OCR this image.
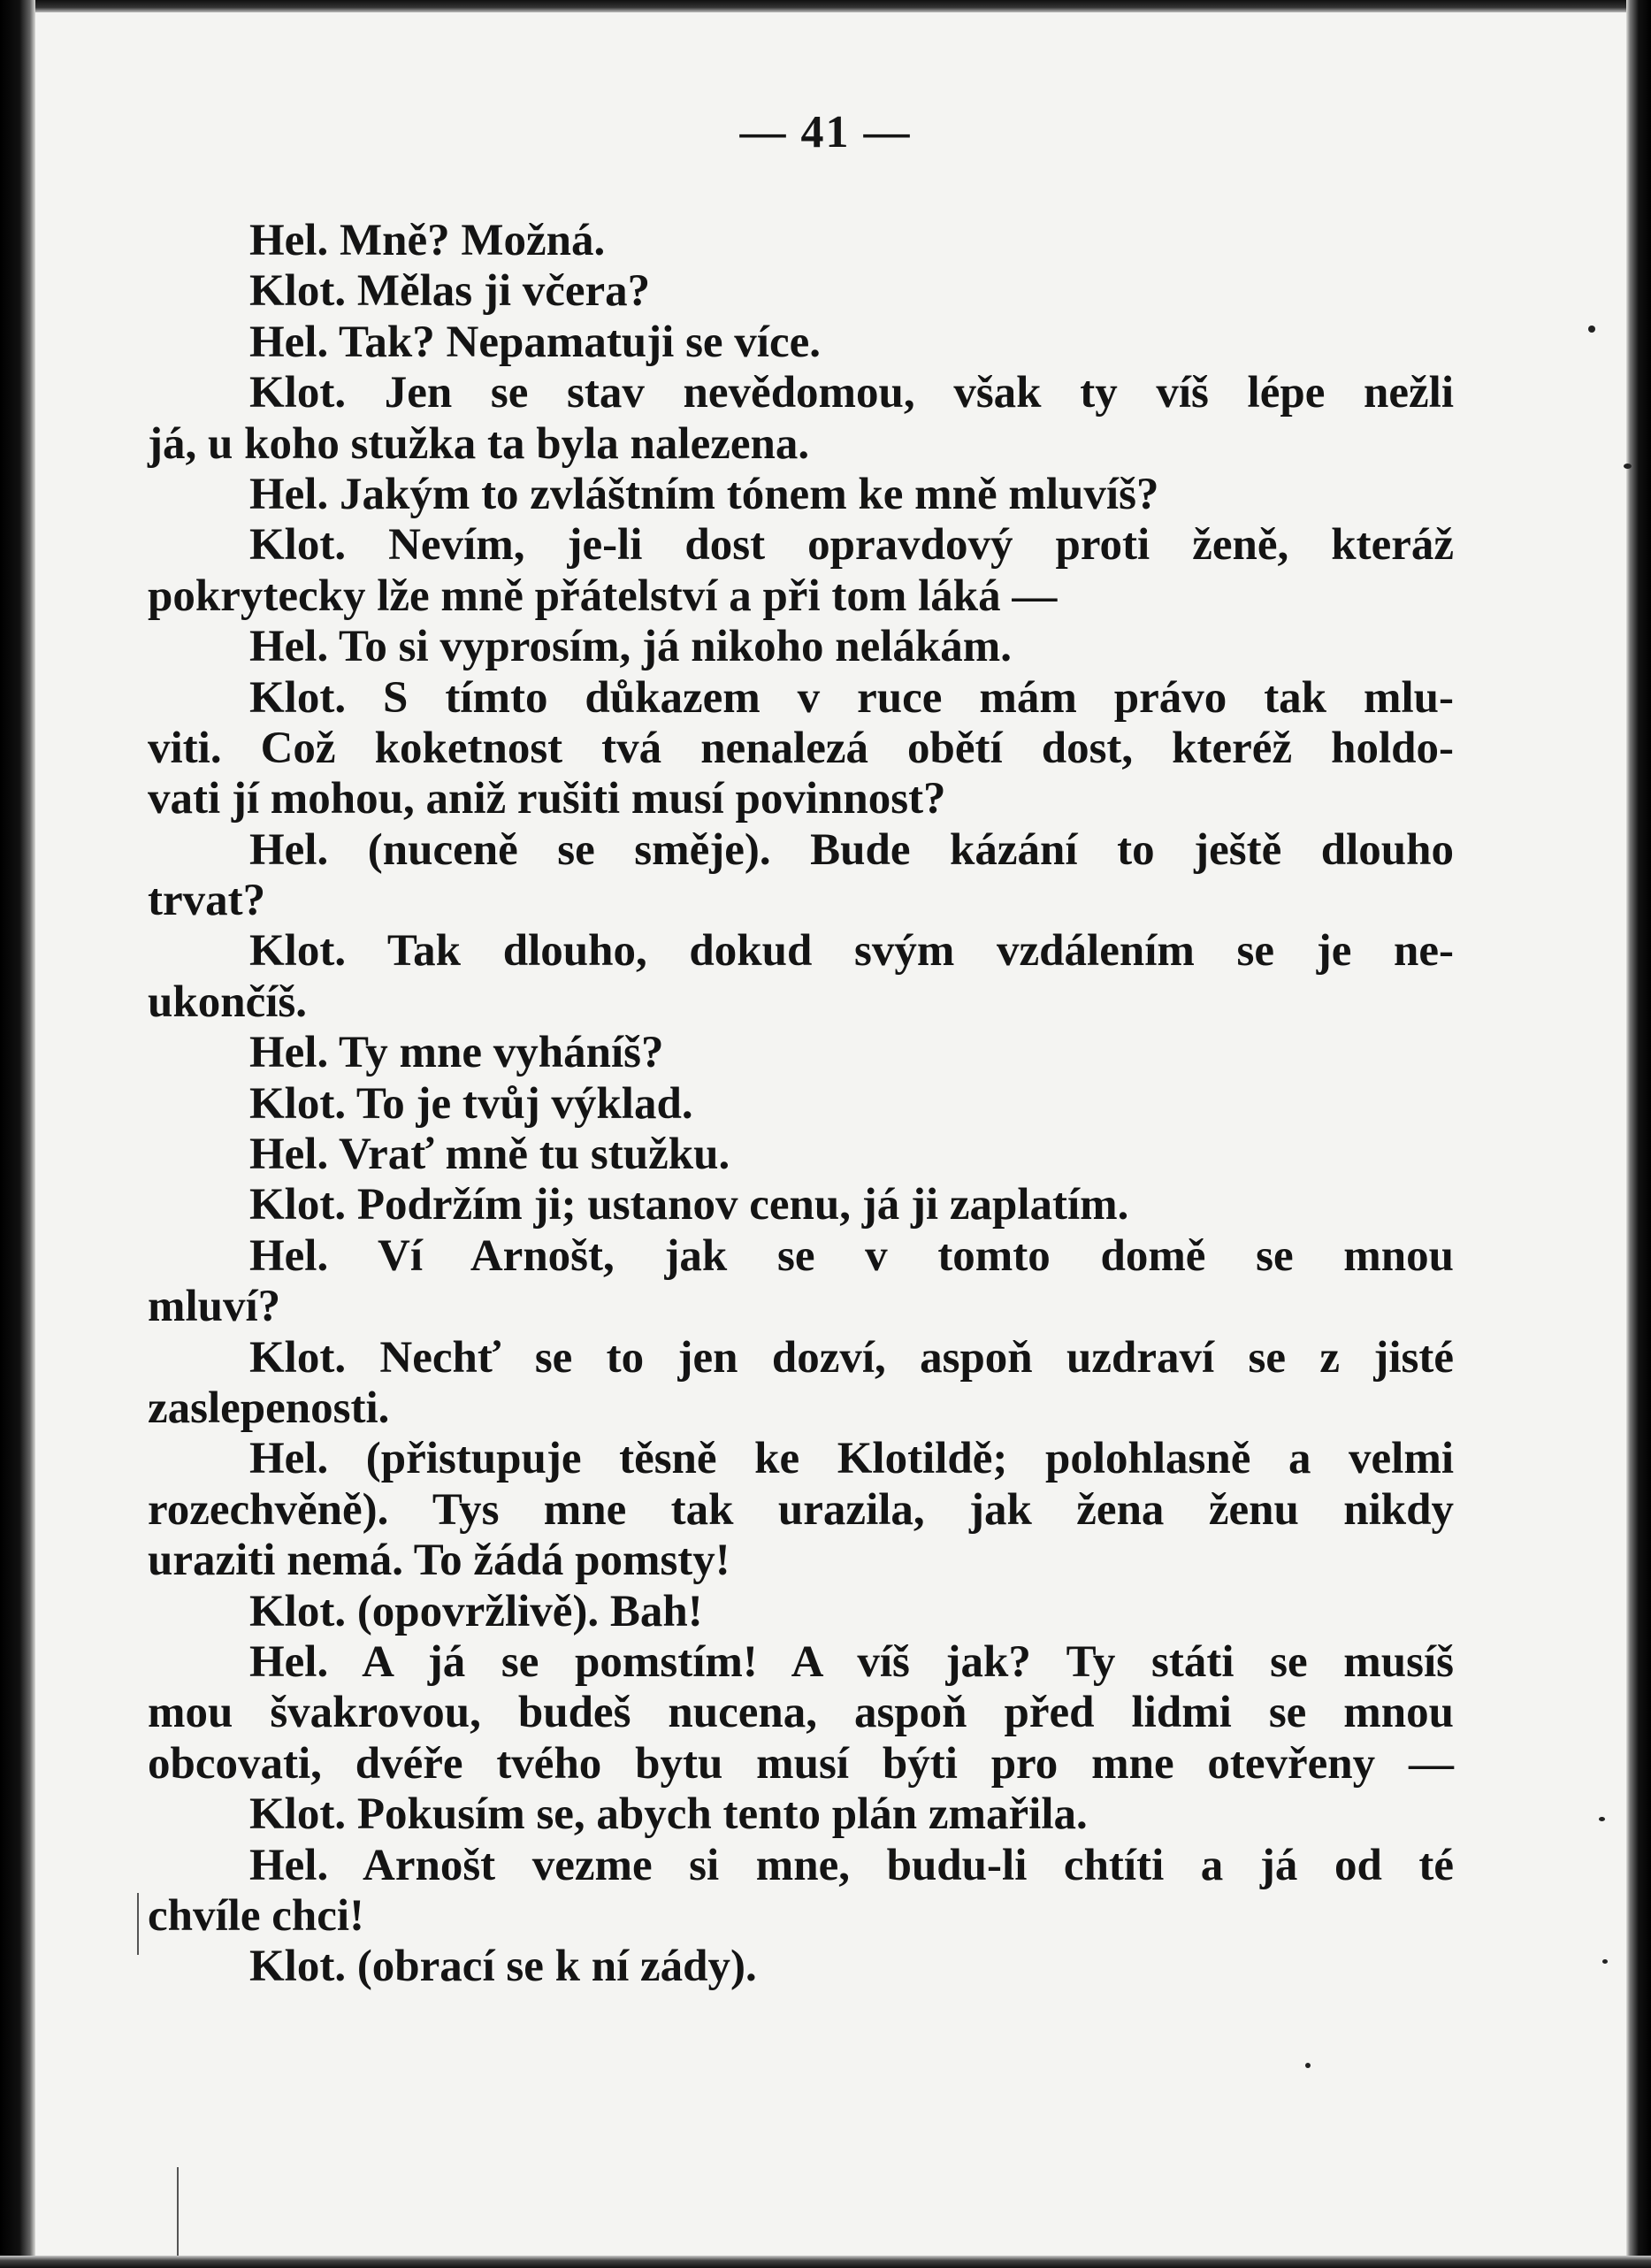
— 41 —
Hel. Mně? Možná.
Klot. Mělas ji včera?
Hel. Tak? Nepamatuji se více.
Klot. Jen se stav nevědomou, však ty víš lépe nežli
já, u koho stužka ta byla nalezena.
Hel. Jakým to zvláštním tónem ke mně mluvíš?
Klot. Nevím, je-li dost opravdový proti ženě, kteráž
pokrytecky lže mně přátelství a při tom láká —
Hel. To si vyprosím, já nikoho nelákám.
Klot. S tímto důkazem v ruce mám právo tak mlu-
viti. Což koketnost tvá nenalezá obětí dost, kteréž holdo-
vati jí mohou, aniž rušiti musí povinnost?
Hel. (nuceně se směje). Bude kázání to ještě dlouho
trvat?
Klot. Tak dlouho, dokud svým vzdálením se je ne-
ukončíš.
Hel. Ty mne vyháníš?
Klot. To je tvůj výklad.
Hel. Vrať mně tu stužku.
Klot. Podržím ji; ustanov cenu, já ji zaplatím.
Hel. Ví Arnošt, jak se v tomto domě se mnou
mluví?
Klot. Nechť se to jen dozví, aspoň uzdraví se z jisté
zaslepenosti.
Hel. (přistupuje těsně ke Klotildě; polohlasně a velmi
rozechvěně). Tys mne tak urazila, jak žena ženu nikdy
uraziti nemá. To žádá pomsty!
Klot. (opovržlivě). Bah!
Hel. A já se pomstím! A víš jak? Ty státi se musíš
mou švakrovou, budeš nucena, aspoň před lidmi se mnou
obcovati, dvéře tvého bytu musí býti pro mne otevřeny —
Klot. Pokusím se, abych tento plán zmařila.
Hel. Arnošt vezme si mne, budu-li chtíti a já od té
chvíle chci!
Klot. (obrací se k ní zády).
